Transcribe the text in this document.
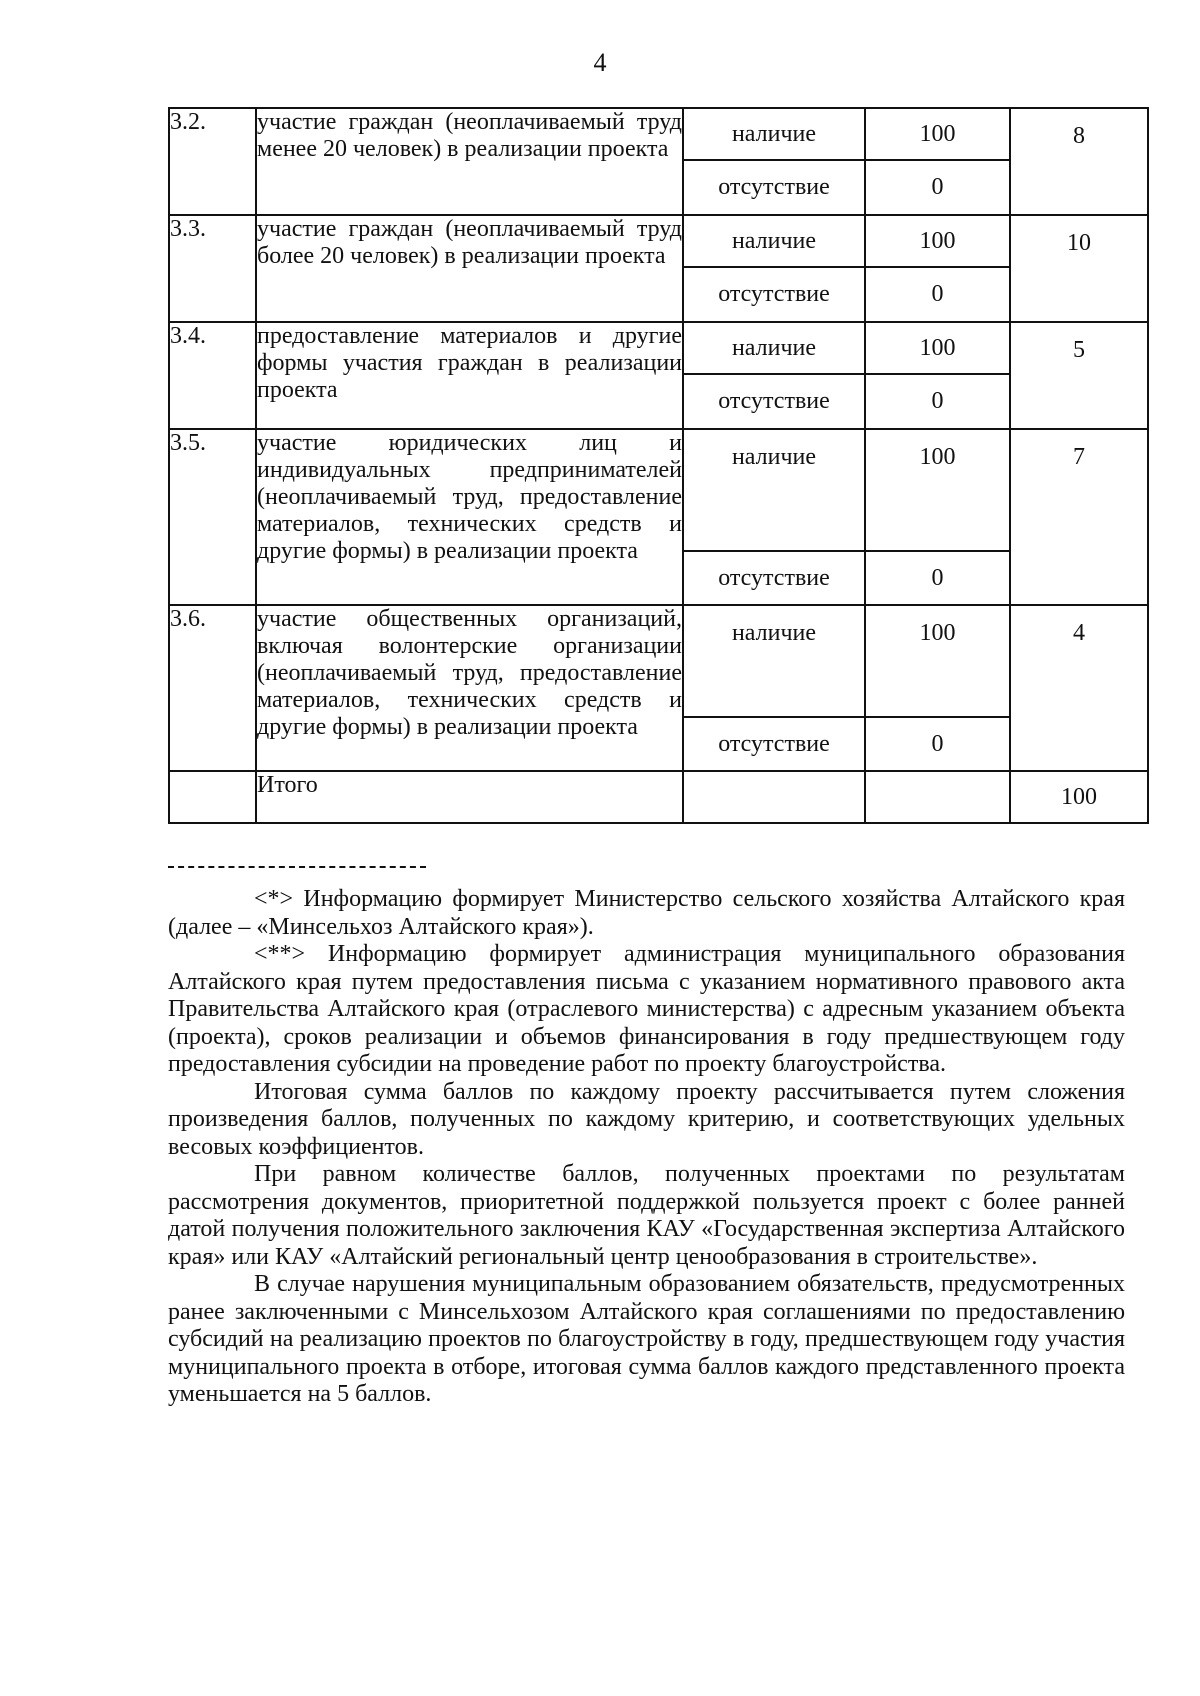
4
3.2.	участие граждан (неоплачиваемый труд менее 20 человек) в реализации проекта	наличие	100	8
		отсутствие	0	
3.3.	участие граждан (неоплачиваемый труд более 20 человек) в реализации проекта	наличие	100	10
		отсутствие	0	
3.4.	предоставление материалов и другие формы участия граждан в реализации проекта	наличие	100	5
		отсутствие	0	
3.5.	участие юридических лиц и индивидуальных предпринимателей (неоплачиваемый труд, предоставление материалов, технических средств и другие формы) в реализации проекта	наличие	100	7
		отсутствие	0	
3.6.	участие общественных организаций, включая волонтерские организации (неоплачиваемый труд, предоставление материалов, технических средств и другие формы) в реализации проекта	наличие	100	4
		отсутствие	0	
	Итого			100

<*> Информацию формирует Министерство сельского хозяйства Алтайского края (далее – «Минсельхоз Алтайского края»).

<**> Информацию формирует администрация муниципального образования Алтайского края путем предоставления письма с указанием нормативного правового акта Правительства Алтайского края (отраслевого министерства) с адресным указанием объекта (проекта), сроков реализации и объемов финансирования в году предшествующем году предоставления субсидии на проведение работ по проекту благоустройства.

Итоговая сумма баллов по каждому проекту рассчитывается путем сложения произведения баллов, полученных по каждому критерию, и соответствующих удельных весовых коэффициентов.

При равном количестве баллов, полученных проектами по результатам рассмотрения документов, приоритетной поддержкой пользуется проект с более ранней датой получения положительного заключения КАУ «Государственная экспертиза Алтайского края» или КАУ «Алтайский региональный центр ценообразования в строительстве».

В случае нарушения муниципальным образованием обязательств, предусмотренных ранее заключенными с Минсельхозом Алтайского края соглашениями по предоставлению субсидий на реализацию проектов по благоустройству в году, предшествующем году участия муниципального проекта в отборе, итоговая сумма баллов каждого представленного проекта уменьшается на 5 баллов.
